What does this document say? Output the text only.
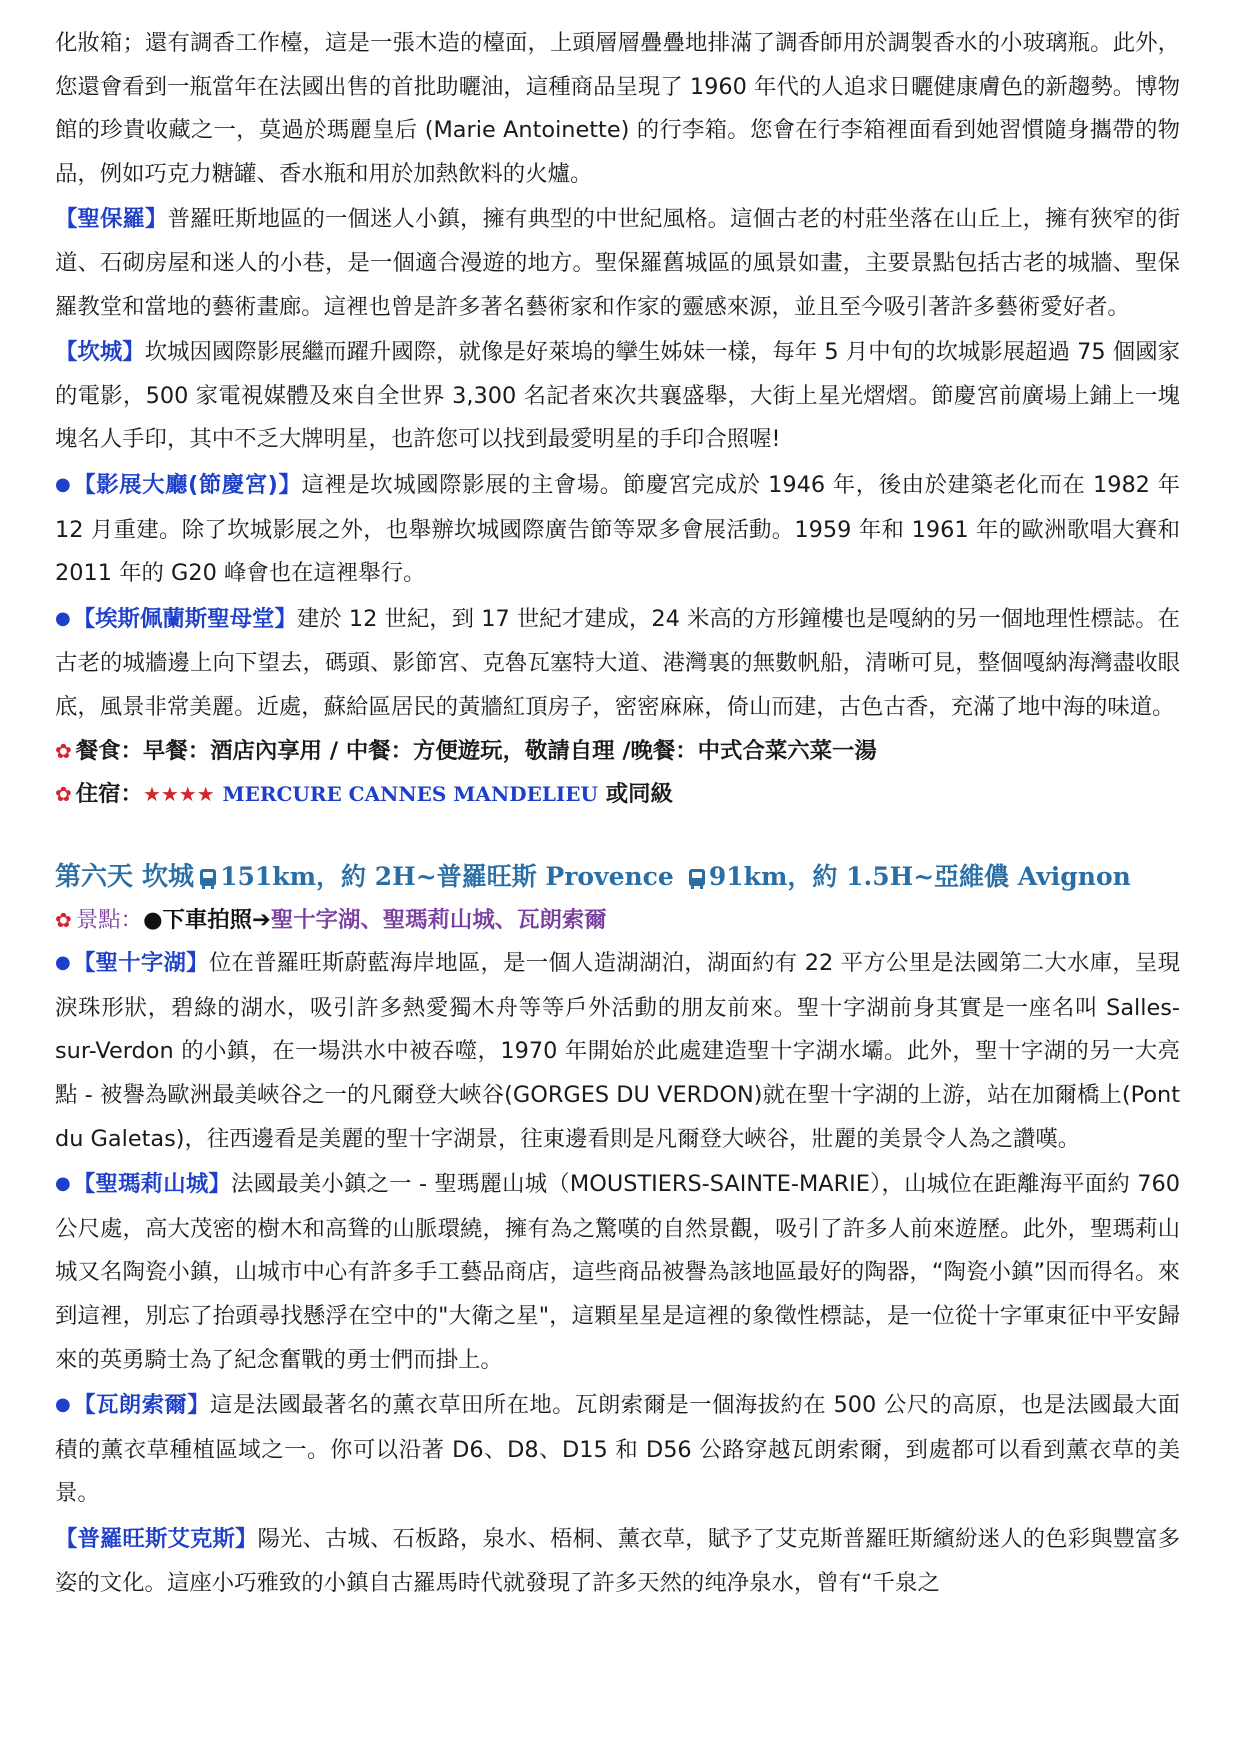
化妝箱；還有調香工作檯，這是一張木造的檯面，上頭層層疊疊地排滿了調香師用於調製香水的小玻璃瓶。此外，您還會看到一瓶當年在法國出售的首批助曬油，這種商品呈現了 1960 年代的人追求日曬健康膚色的新趨勢。博物館的珍貴收藏之一，莫過於瑪麗皇后 (Marie Antoinette) 的行李箱。您會在行李箱裡面看到她習慣隨身攜帶的物品，例如巧克力糖罐、香水瓶和用於加熱飲料的火爐。

【聖保羅】普羅旺斯地區的一個迷人小鎮，擁有典型的中世紀風格。這個古老的村莊坐落在山丘上，擁有狹窄的街道、石砌房屋和迷人的小巷，是一個適合漫遊的地方。聖保羅舊城區的風景如畫，主要景點包括古老的城牆、聖保羅教堂和當地的藝術畫廊。這裡也曾是許多著名藝術家和作家的靈感來源，並且至今吸引著許多藝術愛好者。

【坎城】坎城因國際影展繼而躍升國際，就像是好萊塢的攣生姊妹一樣，每年 5 月中旬的坎城影展超過 75 個國家的電影，500 家電視媒體及來自全世界 3,300 名記者來次共襄盛舉，大街上星光熠熠。節慶宮前廣場上鋪上一塊塊名人手印，其中不乏大牌明星，也許您可以找到最愛明星的手印合照喔!

●【影展大廳(節慶宮)】這裡是坎城國際影展的主會場。節慶宮完成於 1946 年，後由於建築老化而在 1982 年 12 月重建。除了坎城影展之外，也舉辦坎城國際廣告節等眾多會展活動。1959 年和 1961 年的歐洲歌唱大賽和 2011 年的 G20 峰會也在這裡舉行。

●【埃斯佩蘭斯聖母堂】建於 12 世紀，到 17 世紀才建成，24 米高的方形鐘樓也是嘎納的另一個地理性標誌。在古老的城牆邊上向下望去，碼頭、影節宮、克魯瓦塞特大道、港灣裏的無數帆船，清晰可見，整個嘎納海灣盡收眼底，風景非常美麗。近處，蘇給區居民的黃牆紅頂房子，密密麻麻，倚山而建，古色古香，充滿了地中海的味道。

✿ 餐食：早餐：酒店內享用 / 中餐：方便遊玩，敬請自理 /晚餐：中式合菜六菜一湯

✿ 住宿：★★★★ MERCURE CANNES MANDELIEU 或同級

第六天 坎城 151km，約 2H~普羅旺斯 Provence 91km，約 1.5H~亞維儂 Avignon

✿ 景點：●下車拍照➔聖十字湖、聖瑪莉山城、瓦朗索爾

●【聖十字湖】位在普羅旺斯蔚藍海岸地區，是一個人造湖湖泊，湖面約有 22 平方公里是法國第二大水庫，呈現淚珠形狀，碧綠的湖水，吸引許多熱愛獨木舟等等戶外活動的朋友前來。聖十字湖前身其實是一座名叫 Salles-sur-Verdon 的小鎮，在一場洪水中被吞噬，1970 年開始於此處建造聖十字湖水壩。此外，聖十字湖的另一大亮點 - 被譽為歐洲最美峽谷之一的凡爾登大峽谷(GORGES DU VERDON)就在聖十字湖的上游，站在加爾橋上(Pont du Galetas)，往西邊看是美麗的聖十字湖景，往東邊看則是凡爾登大峽谷，壯麗的美景令人為之讚嘆。

●【聖瑪莉山城】法國最美小鎮之一 - 聖瑪麗山城（MOUSTIERS-SAINTE-MARIE），山城位在距離海平面約 760 公尺處，高大茂密的樹木和高聳的山脈環繞，擁有為之驚嘆的自然景觀，吸引了許多人前來遊歷。此外，聖瑪莉山城又名陶瓷小鎮，山城市中心有許多手工藝品商店，這些商品被譽為該地區最好的陶器，“陶瓷小鎮”因而得名。來到這裡，別忘了抬頭尋找懸浮在空中的"大衛之星"，這顆星星是這裡的象徵性標誌，是一位從十字軍東征中平安歸來的英勇騎士為了紀念奮戰的勇士們而掛上。

●【瓦朗索爾】這是法國最著名的薰衣草田所在地。瓦朗索爾是一個海拔約在 500 公尺的高原，也是法國最大面積的薰衣草種植區域之一。你可以沿著 D6、D8、D15 和 D56 公路穿越瓦朗索爾，到處都可以看到薰衣草的美景。

【普羅旺斯艾克斯】陽光、古城、石板路，泉水、梧桐、薰衣草，賦予了艾克斯普羅旺斯繽紛迷人的色彩與豐富多姿的文化。這座小巧雅致的小鎮自古羅馬時代就發現了許多天然的纯净泉水，曾有“千泉之
